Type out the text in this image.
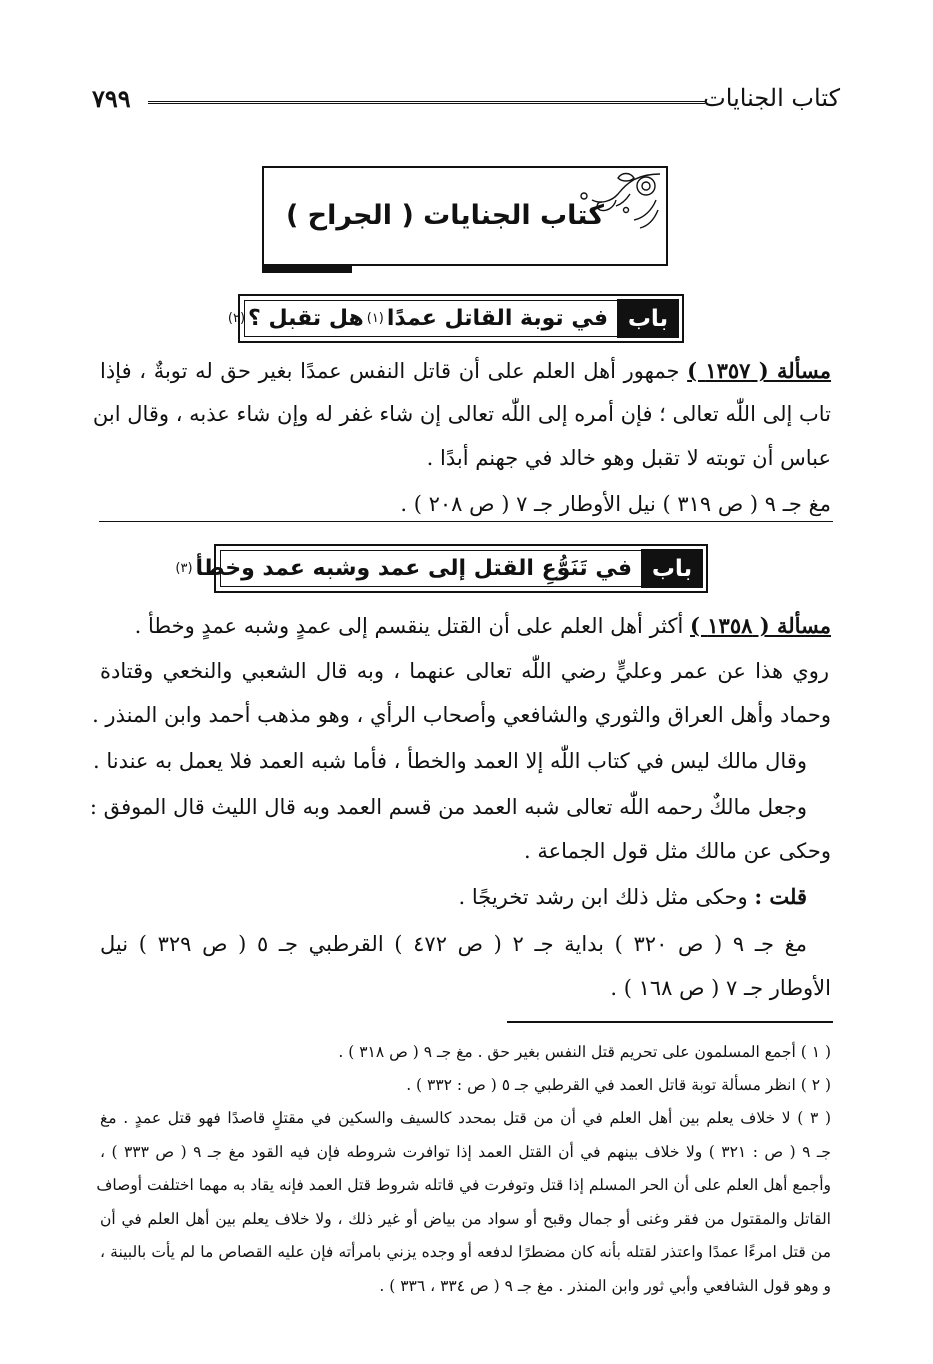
كتاب الجنايات
٧٩٩
كتاب الجنايات ( الجراح )
باب
في توبة القاتل عمدًا
(١)
هل تقبل ؟
(٢)
مسألة ( ١٣٥٧ ) جمهور أهل العلم على أن قاتل النفس عمدًا بغير حق له توبةٌ ، فإذا
تاب إلى اللّٰه تعالى ؛ فإن أمره إلى اللّٰه تعالى إن شاء غفر له وإن شاء عذبه ، وقال ابن
عباس أن توبته لا تقبل وهو خالد في جهنم أبدًا .
مغ جـ ٩ ( ص ٣١٩ ) نيل الأوطار جـ ٧ ( ص ٢٠٨ ) .
باب
في تَنَوُّعِ القتل إلى عمد وشبه عمد وخطأ
(٣)
مسألة ( ١٣٥٨ ) أكثر أهل العلم على أن القتل ينقسم إلى عمدٍ وشبه عمدٍ وخطأ .
روي هذا عن عمر وعليٍّ رضي اللّٰه تعالى عنهما ، وبه قال الشعبي والنخعي وقتادة
وحماد وأهل العراق والثوري والشافعي وأصحاب الرأي ، وهو مذهب أحمد وابن المنذر .
وقال مالك ليس في كتاب اللّٰه إلا العمد والخطأ ، فأما شبه العمد فلا يعمل به عندنا .
وجعل مالكٌ رحمه اللّٰه تعالى شبه العمد من قسم العمد وبه قال الليث قال الموفق :
وحكى عن مالك مثل قول الجماعة .
قلت : وحكى مثل ذلك ابن رشد تخريجًا .
مغ جـ ٩ ( ص ٣٢٠ ) بداية جـ ٢ ( ص ٤٧٢ ) القرطبي جـ ٥ ( ص ٣٢٩ ) نيل
الأوطار جـ ٧ ( ص ١٦٨ ) .
( ١ ) أجمع المسلمون على تحريم قتل النفس بغير حق . مغ جـ ٩ ( ص ٣١٨ ) .
( ٢ ) انظر مسألة توبة قاتل العمد في القرطبي جـ ٥ ( ص : ٣٣٢ ) .
( ٣ ) لا خلاف يعلم بين أهل العلم في أن من قتل بمحدد كالسيف والسكين في مقتلٍ قاصدًا فهو قتل عمدٍ . مغ
جـ ٩ ( ص : ٣٢١ ) ولا خلاف بينهم في أن القتل العمد إذا توافرت شروطه فإن فيه القود مغ جـ ٩ ( ص ٣٣٣ ) ،
وأجمع أهل العلم على أن الحر المسلم إذا قتل وتوفرت في قاتله شروط قتل العمد فإنه يقاد به مهما اختلفت أوصاف
القاتل والمقتول من فقر وغنى أو جمال وقبح أو سواد من بياض أو غير ذلك ، ولا خلاف يعلم بين أهل العلم في أن
من قتل امرءًا عمدًا واعتذر لقتله بأنه كان مضطرًا لدفعه أو وجده يزني بامرأته فإن عليه القصاص ما لم يأت بالبينة ،
و وهو قول الشافعي وأبي ثور وابن المنذر . مغ جـ ٩ ( ص ٣٣٤ ، ٣٣٦ ) .
